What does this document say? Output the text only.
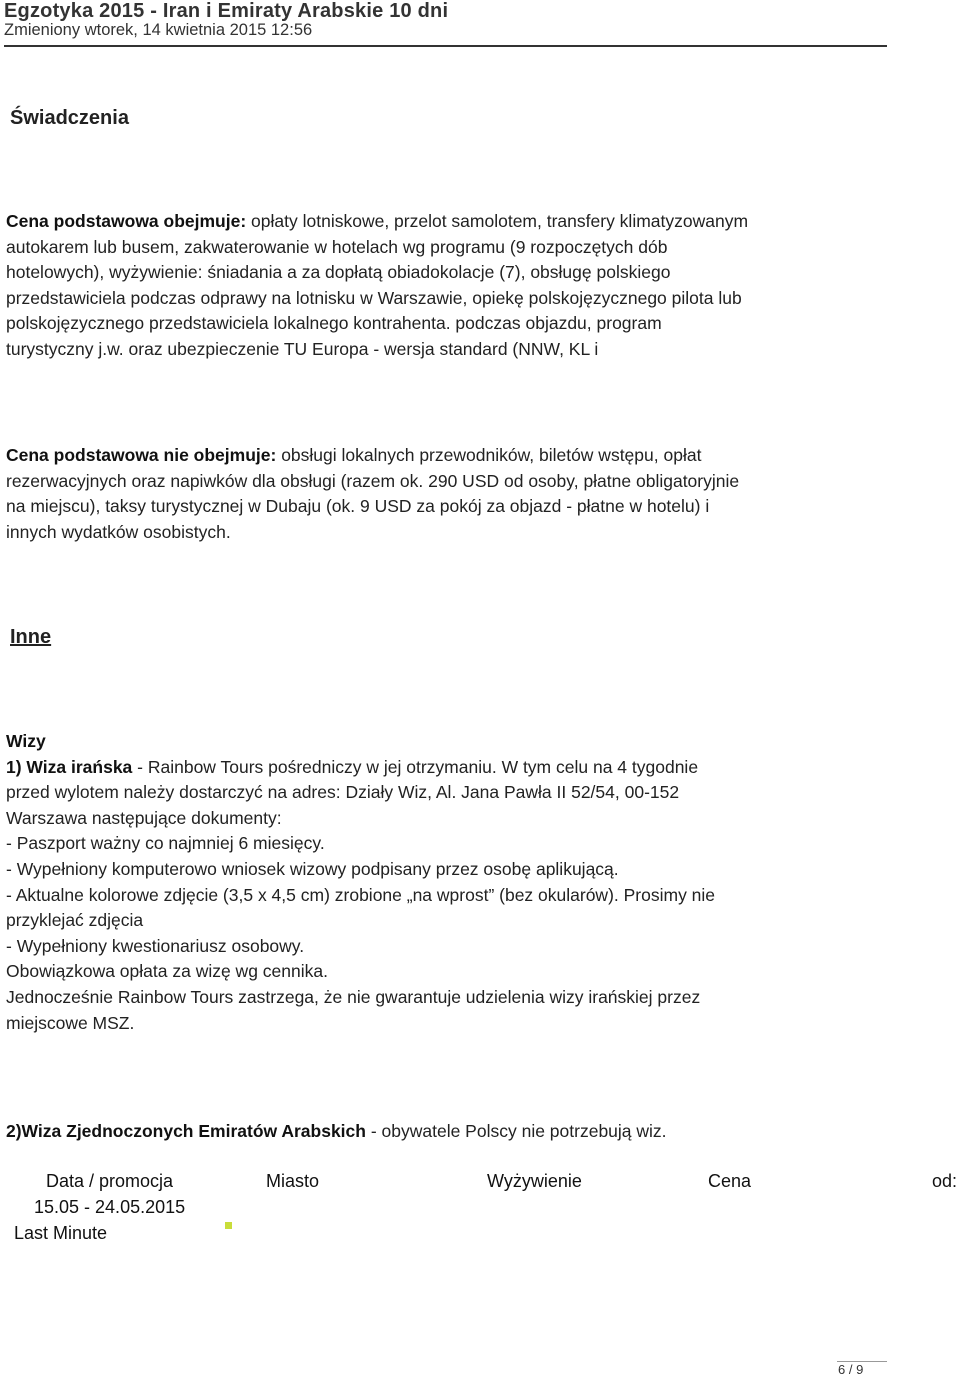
Egzotyka 2015 - Iran i Emiraty Arabskie 10 dni
Zmieniony wtorek, 14 kwietnia 2015 12:56
Świadczenia
Cena podstawowa obejmuje: opłaty lotniskowe, przelot samolotem, transfery klimatyzowanym
autokarem lub busem, zakwaterowanie w hotelach wg programu (9 rozpoczętych dób
hotelowych), wyżywienie: śniadania a za dopłatą obiadokolacje (7), obsługę polskiego
przedstawiciela podczas odprawy na lotnisku w Warszawie, opiekę polskojęzycznego pilota lub
polskojęzycznego przedstawiciela lokalnego kontrahenta. podczas objazdu, program
turystyczny j.w. oraz ubezpieczenie TU Europa - wersja standard (NNW, KL i
Cena podstawowa nie obejmuje: obsługi lokalnych przewodników, biletów wstępu, opłat
rezerwacyjnych oraz napiwków dla obsługi (razem ok. 290 USD od osoby, płatne obligatoryjnie
na miejscu), taksy turystycznej w Dubaju (ok. 9 USD za pokój za objazd - płatne w hotelu) i
innych wydatków osobistych.
Inne
Wizy
1) Wiza irańska - Rainbow Tours pośredniczy w jej otrzymaniu. W tym celu na 4 tygodnie
przed wylotem należy dostarczyć na adres: Działy Wiz, Al. Jana Pawła II 52/54, 00-152
Warszawa następujące dokumenty:
- Paszport ważny co najmniej 6 miesięcy.
- Wypełniony komputerowo wniosek wizowy podpisany przez osobę aplikującą.
- Aktualne kolorowe zdjęcie (3,5 x 4,5 cm) zrobione „na wprost” (bez okularów). Prosimy nie
przyklejać zdjęcia
- Wypełniony kwestionariusz osobowy.
Obowiązkowa opłata za wizę wg cennika.
Jednocześnie Rainbow Tours zastrzega, że nie gwarantuje udzielenia wizy irańskiej przez
miejscowe MSZ.
2)Wiza Zjednoczonych Emiratów Arabskich - obywatele Polscy nie potrzebują wiz.
Data / promocja	Miasto	Wyżywienie	Cena	od:
15.05 - 24.05.2015
Last Minute
6 / 9
